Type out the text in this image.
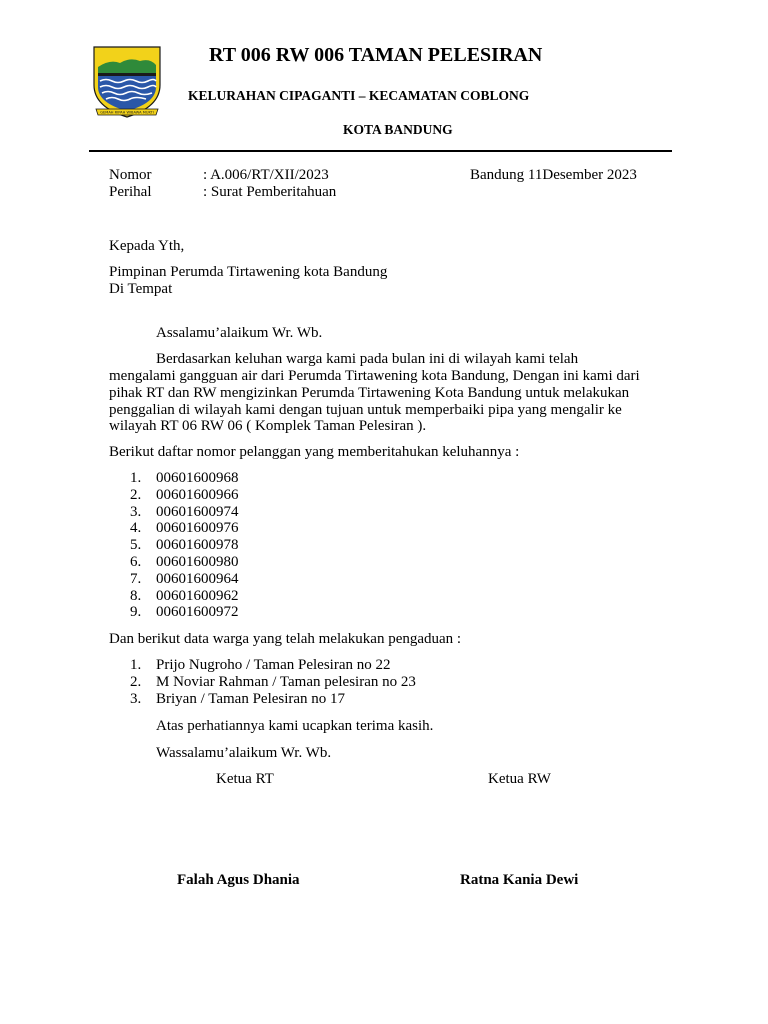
GEMAH RIPAH WIBAWA MUKTI
RT 006 RW 006 TAMAN PELESIRAN
KELURAHAN CIPAGANTI – KECAMATAN COBLONG
KOTA BANDUNG
Nomor	: A.006/RT/XII/2023	Bandung 11Desember 2023
Perihal	: Surat Pemberitahuan
Kepada Yth,
Pimpinan Perumda Tirtawening kota Bandung
Di Tempat
Assalamu’alaikum Wr. Wb.
Berdasarkan keluhan warga kami pada bulan ini di wilayah kami telah
mengalami gangguan air dari Perumda Tirtawening kota Bandung, Dengan ini kami dari
pihak RT dan RW mengizinkan Perumda Tirtawening Kota Bandung untuk melakukan
penggalian di wilayah kami dengan tujuan untuk memperbaiki pipa yang mengalir ke
wilayah RT 06 RW 06 ( Komplek Taman Pelesiran ).
Berikut daftar nomor pelanggan yang memberitahukan keluhannya :
1. 00601600968
2. 00601600966
3. 00601600974
4. 00601600976
5. 00601600978
6. 00601600980
7. 00601600964
8. 00601600962
9. 00601600972
Dan berikut data warga yang telah melakukan pengaduan :
1. Prijo Nugroho / Taman Pelesiran no 22
2. M Noviar Rahman / Taman pelesiran no 23
3. Briyan / Taman Pelesiran no 17
Atas perhatiannya kami ucapkan terima kasih.
Wassalamu’alaikum Wr. Wb.
Ketua RT	Ketua RW
Falah Agus Dhania	Ratna Kania Dewi
